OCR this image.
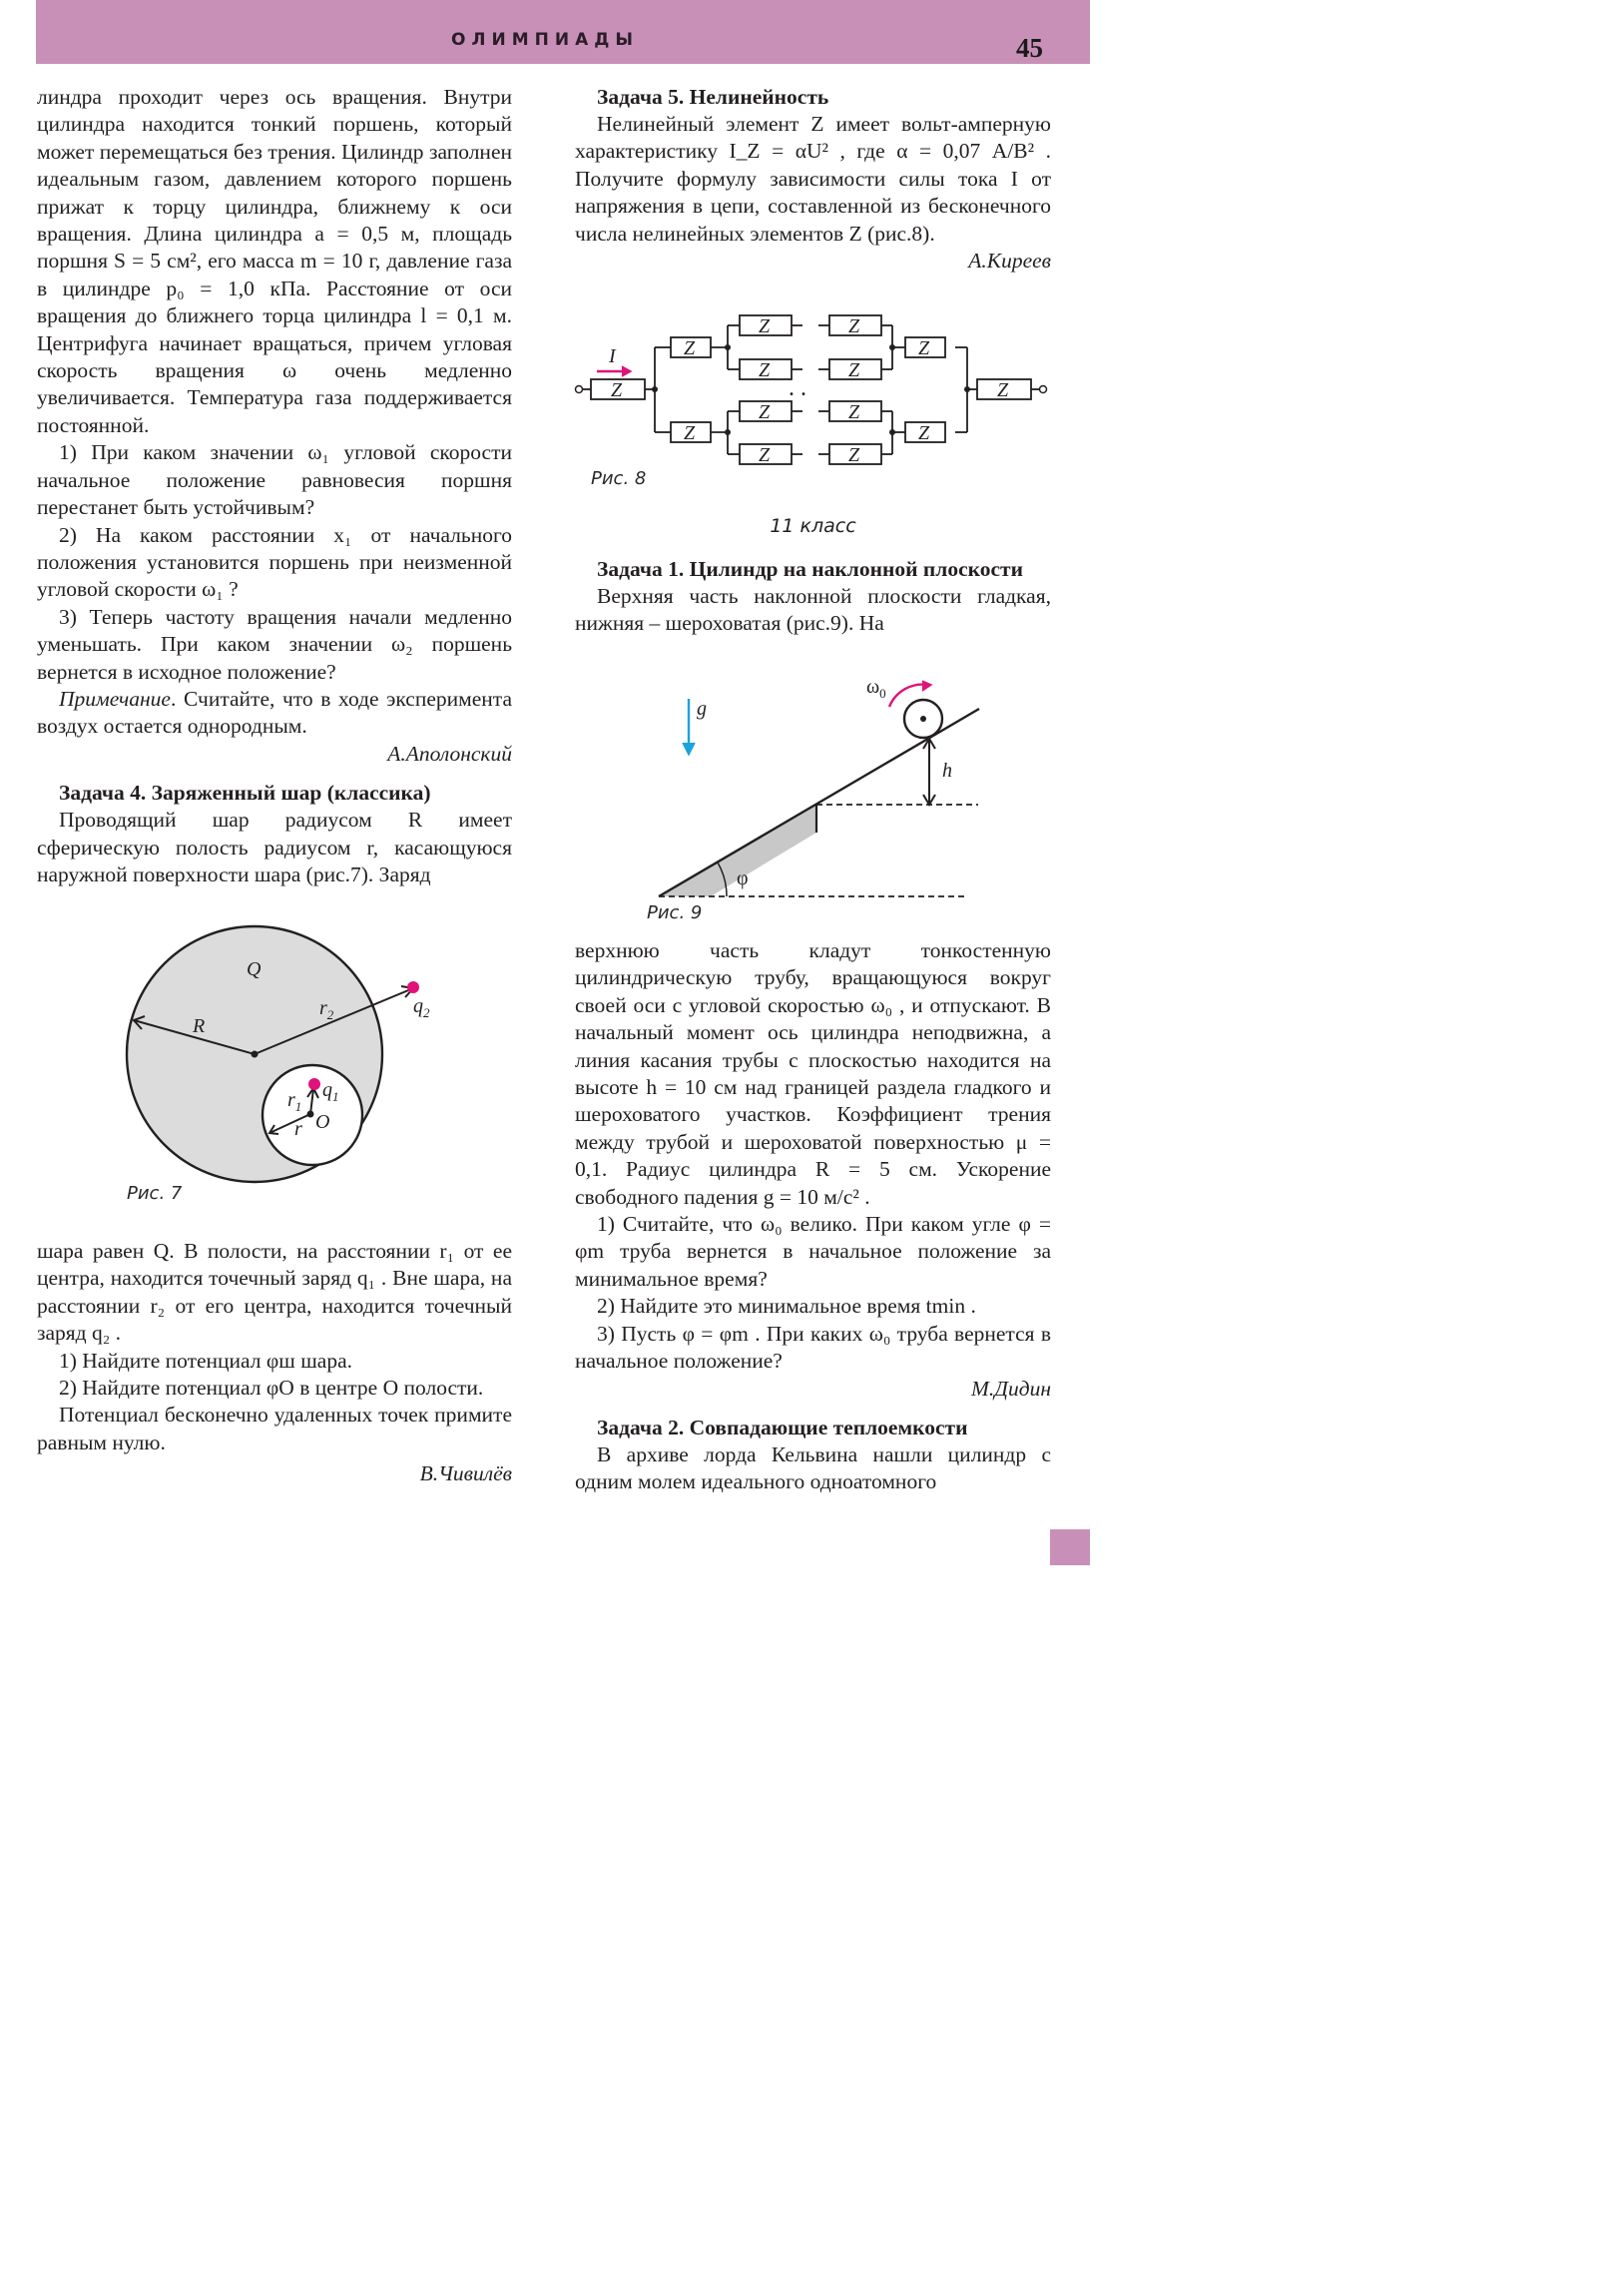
ОЛИМПИАДЫ	45

линдра проходит через ось вращения. Внутри цилиндра находится тонкий поршень, который может перемещаться без трения. Цилиндр заполнен идеальным газом, давлением которого поршень прижат к торцу цилиндра, ближнему к оси вращения. Длина цилиндра a = 0,5 м, площадь поршня S = 5 см², его масса m = 10 г, давление газа в цилиндре p₀ = 1,0 кПа. Расстояние от оси вращения до ближнего торца цилиндра l = 0,1 м. Центрифуга начинает вращаться, причем угловая скорость вращения ω очень медленно увеличивается. Температура газа поддерживается постоянной.

1) При каком значении ω₁ угловой скорости начальное положение равновесия поршня перестанет быть устойчивым?

2) На каком расстоянии x₁ от начального положения установится поршень при неизменной угловой скорости ω₁ ?

3) Теперь частоту вращения начали медленно уменьшать. При каком значении ω₂ поршень вернется в исходное положение?

Примечание. Считайте, что в ходе эксперимента воздух остается однородным.

А.Аполонский

Задача 4. Заряженный шар (классика)

Проводящий шар радиусом R имеет сферическую полость радиусом r, касающуюся наружной поверхности шара (рис.7). Заряд

Q
R
$r_2$	$q_2$
$r_1$
$q_1$
r O
Рис. 7

шара равен Q. В полости, на расстоянии r₁ от ее центра, находится точечный заряд q₁ . Вне шара, на расстоянии r₂ от его центра, находится точечный заряд q₂ .

1) Найдите потенциал φш шара.

2) Найдите потенциал φO в центре O полости.

Потенциал бесконечно удаленных точек примите равным нулю.

В.Чивилёв

Задача 5. Нелинейность

Нелинейный элемент Z имеет вольт-амперную характеристику I_Z = αU² , где α = 0,07 А/В² . Получите формулу зависимости силы тока I от напряжения в цепи, составленной из бесконечного числа нелинейных элементов Z (рис.8).

А.Киреев

I
Z
Z
Z
Z
Z
Z
Z
Z
Z
Z
Z
Z
Z
Z
. .
Рис. 8
11 класс
Задача 1. Цилиндр на наклонной плоскости

Верхняя часть наклонной плоскости гладкая, нижняя – шероховатая (рис.9). На

φ
$\omega_0$
h
g
Рис. 9

верхнюю часть кладут тонкостенную цилиндрическую трубу, вращающуюся вокруг своей оси с угловой скоростью ω₀ , и отпускают. В начальный момент ось цилиндра неподвижна, а линия касания трубы с плоскостью находится на высоте h = 10 см над границей раздела гладкого и шероховатого участков. Коэффициент трения между трубой и шероховатой поверхностью μ = 0,1. Радиус цилиндра R = 5 см. Ускорение свободного падения g = 10 м/с² .

1) Считайте, что ω₀ велико. При каком угле φ = φm труба вернется в начальное положение за минимальное время?

2) Найдите это минимальное время tmin .

3) Пусть φ = φm . При каких ω₀ труба вернется в начальное положение?

М.Дидин

Задача 2. Совпадающие теплоемкости

В архиве лорда Кельвина нашли цилиндр с одним молем идеального одноатомного
